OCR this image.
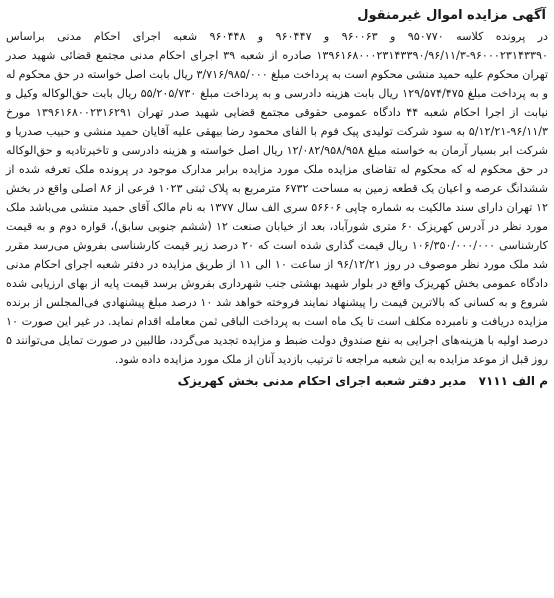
آگهی مزایده اموال غیرمنقول

در پرونده کلاسه ۹۵۰۷۷۰ و ۹۶۰۰۶۳ و ۹۶۰۴۴۷ و ۹۶۰۴۴۸ شعبه اجرای احکام مدنی براساس ۹۶۰۰۰۲۳۱۴۳۳۹۰-۱۳۹۶۱۶۸۰۰۰۲۳۱۴۳۳۹۰/۹۶/۱۱/۳ صادره از شعبه ۳۹ اجرای احکام مدنی مجتمع قضائی شهید صدر تهران محکوم علیه حمید منشی محکوم است به پرداخت مبلغ ۳/۷۱۶/۹۸۵/۰۰۰ ریال بابت اصل خواسته در حق محکوم له و به پرداخت مبلغ ۱۲۹/۵۷۴/۴۷۵ ریال بابت هزینه دادرسی و به پرداخت مبلغ ۵۵/۲۰۵/۷۳۰ ریال بابت حق‌الوکاله وکیل و نیابت از اجرا احکام شعبه ۴۴ دادگاه عمومی حقوقی مجتمع قضایی شهید صدر تهران ۱۳۹۶۱۶۸۰۰۲۳۱۶۲۹۱ مورخ ۹۶/۱۱/۳-۵/۱۲/۲۱ به سود شرکت تولیدی پیک فوم با الفای محمود رضا بیهقی علیه آقایان حمید منشی و حبیب صدریا و شرکت ابر بسیار آرمان به خواسته مبلغ ۱۲/۰۸۲/۹۵۸/۹۵۸ ریال اصل خواسته و هزینه دادرسی و تاخیرتادیه و حق‌الوکاله در حق محکوم له که محکوم له تقاضای مزایده ملک مورد مزایده برابر مدارک موجود در پرونده ملک تعرفه شده از ششدانگ عرصه و اعیان یک قطعه زمین به مساحت ۶۷۳۲ مترمربع به پلاک ثبتی ۱۰۲۳ فرعی از ۸۶ اصلی واقع در بخش ۱۲ تهران دارای سند مالکیت به شماره چاپی ۵۶۶۰۶ سری الف سال ۱۳۷۷ به نام مالک آقای حمید منشی می‌باشد ملک مورد نظر در آدرس کهریزک ۶۰ متری شورآباد، بعد از خیابان صنعت ۱۲ (ششم جنوبی سابق)، قواره دوم و به قیمت کارشناسی ۱۰۶/۳۵۰/۰۰۰/۰۰۰ ریال قیمت گذاری شده است که ۲۰ درصد زیر قیمت کارشناسی بفروش می‌رسد مقرر شد ملک مورد نظر موصوف در روز ۹۶/۱۲/۲۱ از ساعت ۱۰ الی ۱۱ از طریق مزایده در دفتر شعبه اجرای احکام مدنی دادگاه عمومی بخش کهریزک واقع در بلوار شهید بهشتی جنب شهرداری بفروش برسد قیمت پایه از بهای ارزیابی شده شروع و به کسانی که بالاترین قیمت را پیشنهاد نمایند فروخته خواهد شد ۱۰ درصد مبلغ پیشنهادی فی‌المجلس از برنده مزایده دریافت و نامبرده مکلف است تا یک ماه است به پرداخت الباقی ثمن معامله اقدام نماید. در غیر این صورت ۱۰ درصد اولیه با هزینه‌های اجرایی به نفع صندوق دولت ضبط و مزایده تجدید می‌گردد، طالبین در صورت تمایل می‌توانند ۵ روز قبل از موعد مزایده به این شعبه مراجعه تا ترتیب بازدید آنان از ملک مورد مزایده داده شود.

م الف ۷۱۱۱ مدیر دفتر شعبه اجرای احکام مدنی بخش کهریزک
